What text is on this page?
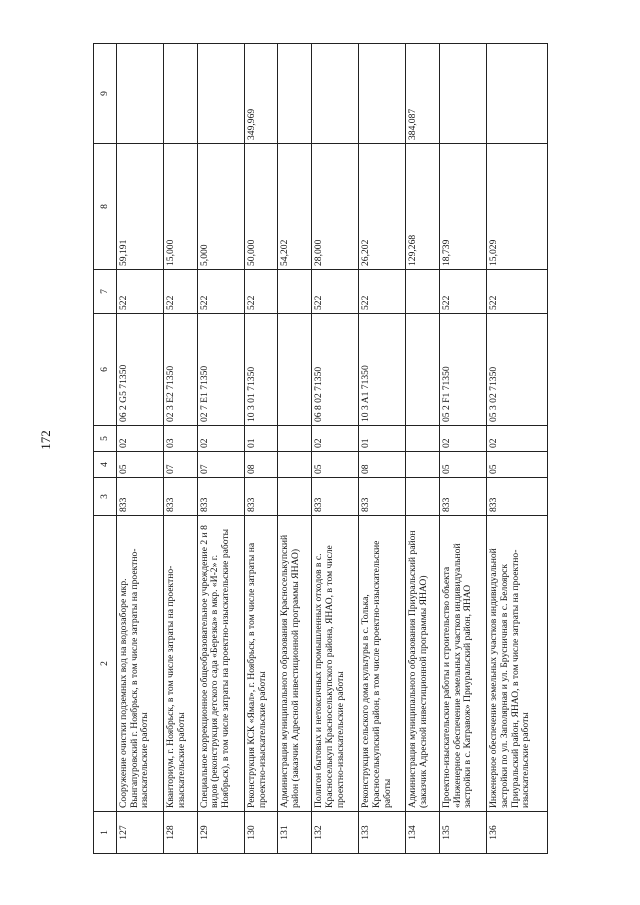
172
1	2	3	4	5	6	7	8	9
127	Сооружение очистки подземных вод на водозаборе мкр. Вынгапуровский г. Ноябрьск, в том числе затраты на проектно-изыскательские работы	833	05	02	06 2 G5 71350	522	59,191	
128	Кванториум, г. Ноябрьск, в том числе затраты на проектно-изыскательские работы	833	07	03	02 3 E2 71350	522	15,000	
129	Специальное коррекционное общеобразовательное учреждение 2 и 8 видов (реконструкция детского сада «Березка» в мкр. «И-2» г. Ноябрьск), в том числе затраты на проектно-изыскательские работы	833	07	02	02 7 E1 71350	522	5,000	
130	Реконструкция КСК «Ямал», г. Ноябрьск, в том числе затраты на проектно-изыскательские работы	833	08	01	10 3 01 71350	522	50,000	349,969
131	Администрация муниципального образования Красноселькупский район (заказчик Адресной инвестиционной программы ЯНАО)						54,202	
132	Полигон бытовых и нетоксичных промышленных отходов в с. Красноселькуп Красноселькупского района, ЯНАО, в том числе проектно-изыскательские работы	833	05	02	06 8 02 71350	522	28,000	
133	Реконструкция сельского дома культуры в с. Толька, Красноселькупский район, в том числе проектно-изыскательские работы	833	08	01	10 3 A1 71350	522	26,202	
134	Администрация муниципального образования Приуральский район (заказчик Адресной инвестиционной программы ЯНАО)						129,268	384,087
135	Проектно-изыскательские работы и строительство объекта «Инженерное обеспечение земельных участков индивидуальной застройки в с. Катравож» Приуральский район, ЯНАО	833	05	02	05 2 F1 71350	522	18,739	
136	Инженерное обеспечение земельных участков индивидуальной застройки по ул. Заполярная и ул. Брусничная в с. Белоярск Приуральский район, ЯНАО, в том числе затраты на проектно-изыскательские работы	833	05	02	05 3 02 71350	522	15,029	
